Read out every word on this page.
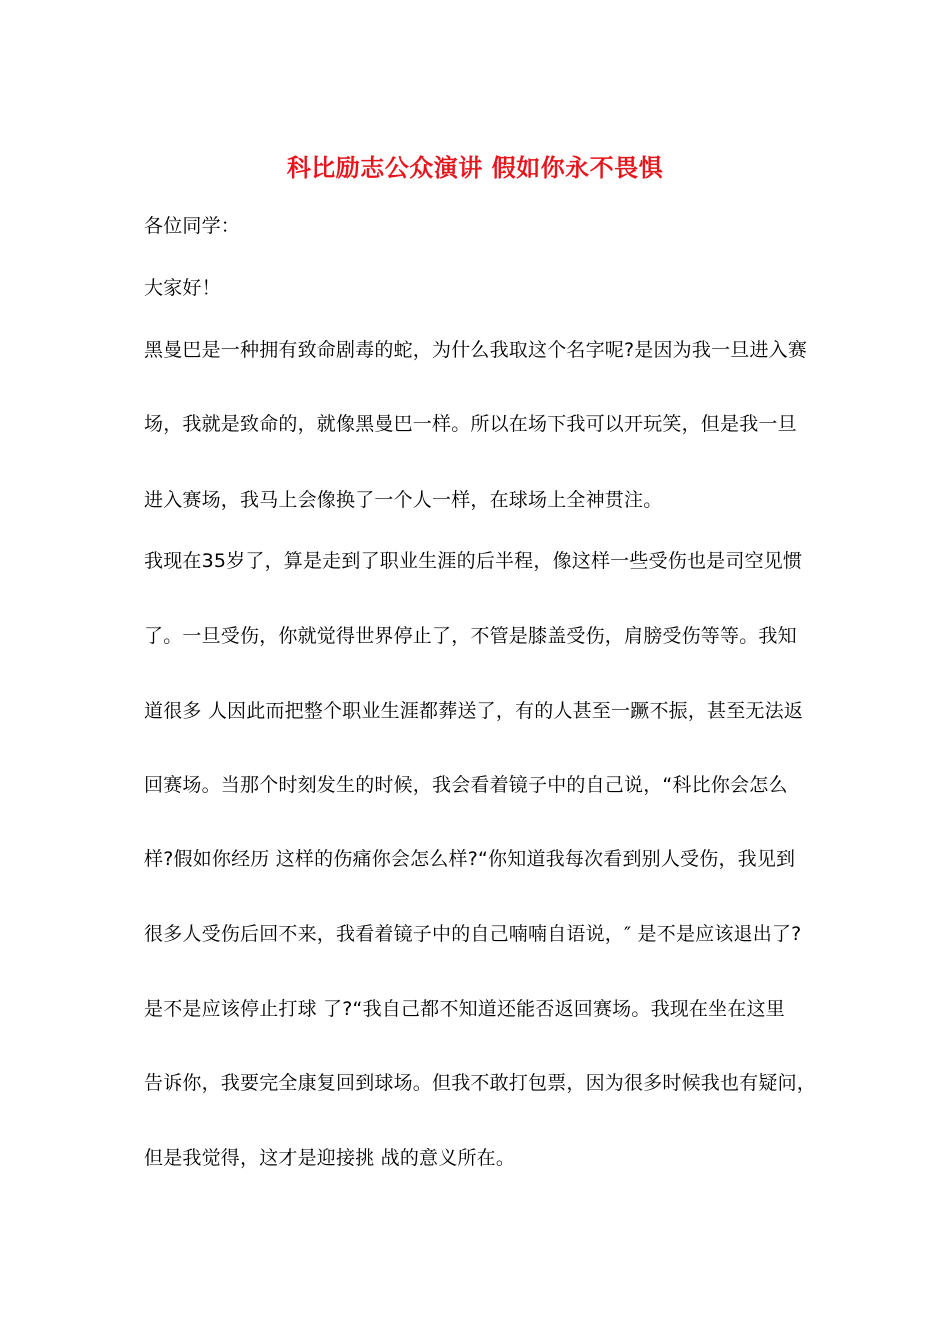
科比励志公众演讲 假如你永不畏惧
各位同学：
大家好！
黑曼巴是一种拥有致命剧毒的蛇，为什么我取这个名字呢?是因为我一旦进入赛
场，我就是致命的，就像黑曼巴一样。所以在场下我可以开玩笑，但是我一旦
进入赛场，我马上会像换了一个人一样，在球场上全神贯注。
我现在35岁了，算是走到了职业生涯的后半程，像这样一些受伤也是司空见惯
了。一旦受伤，你就觉得世界停止了，不管是膝盖受伤，肩膀受伤等等。我知
道很多 人因此而把整个职业生涯都葬送了，有的人甚至一蹶不振，甚至无法返
回赛场。当那个时刻发生的时候，我会看着镜子中的自己说，“科比你会怎么
样?假如你经历 这样的伤痛你会怎么样?“你知道我每次看到别人受伤，我见到
很多人受伤后回不来，我看着镜子中的自己喃喃自语说，″ 是不是应该退出了?
是不是应该停止打球 了?“我自己都不知道还能否返回赛场。我现在坐在这里
告诉你，我要完全康复回到球场。但我不敢打包票，因为很多时候我也有疑问，
但是我觉得，这才是迎接挑 战的意义所在。
